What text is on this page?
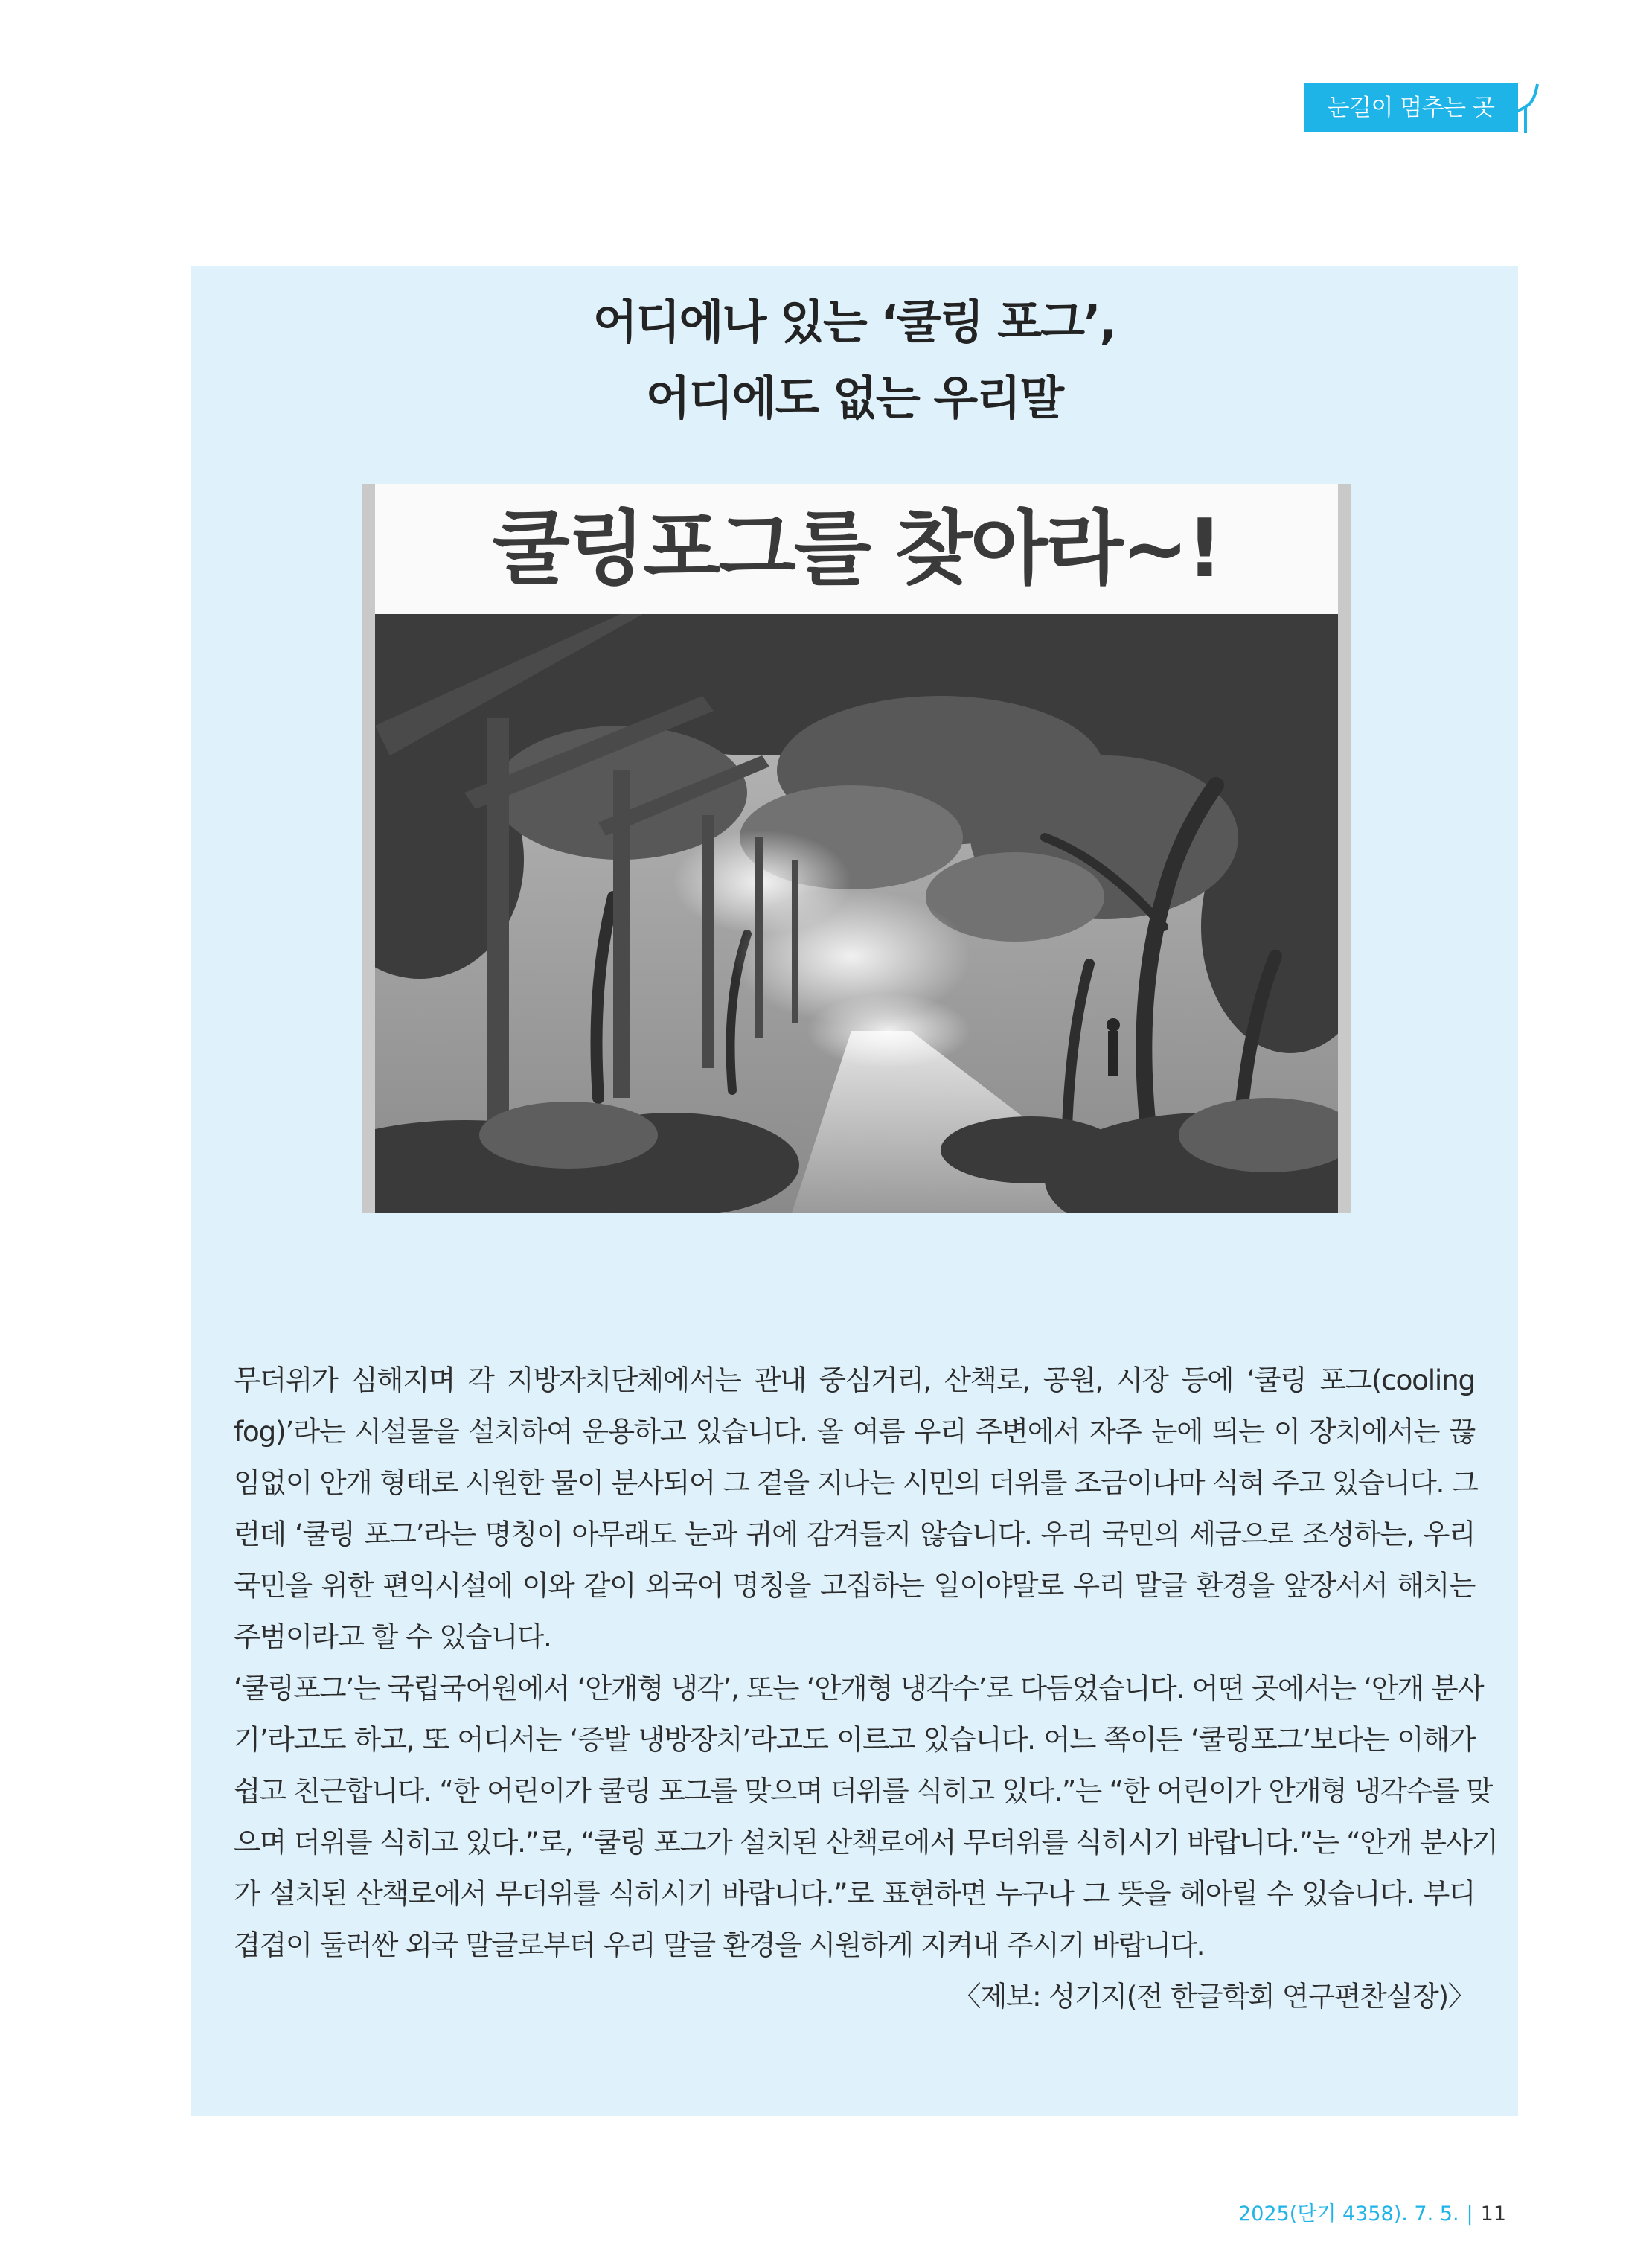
눈길이 멈추는 곳
어디에나 있는 ‘쿨링 포그’,
어디에도 없는 우리말
쿨링포그를 찾아라~!

무더위가 심해지며 각 지방자치단체에서는 관내 중심거리, 산책로, 공원, 시장 등에 ‘쿨링 포그(cooling
fog)’라는 시설물을 설치하여 운용하고 있습니다. 올 여름 우리 주변에서 자주 눈에 띄는 이 장치에서는 끊
임없이 안개 형태로 시원한 물이 분사되어 그 곁을 지나는 시민의 더위를 조금이나마 식혀 주고 있습니다. 그
런데 ‘쿨링 포그’라는 명칭이 아무래도 눈과 귀에 감겨들지 않습니다. 우리 국민의 세금으로 조성하는, 우리
국민을 위한 편익시설에 이와 같이 외국어 명칭을 고집하는 일이야말로 우리 말글 환경을 앞장서서 해치는
주범이라고 할 수 있습니다.

‘쿨링포그’는 국립국어원에서 ‘안개형 냉각’, 또는 ‘안개형 냉각수’로 다듬었습니다. 어떤 곳에서는 ‘안개 분사
기’라고도 하고, 또 어디서는 ‘증발 냉방장치’라고도 이르고 있습니다. 어느 쪽이든 ‘쿨링포그’보다는 이해가
쉽고 친근합니다. “한 어린이가 쿨링 포그를 맞으며 더위를 식히고 있다.”는 “한 어린이가 안개형 냉각수를 맞
으며 더위를 식히고 있다.”로, “쿨링 포그가 설치된 산책로에서 무더위를 식히시기 바랍니다.”는 “안개 분사기
가 설치된 산책로에서 무더위를 식히시기 바랍니다.”로 표현하면 누구나 그 뜻을 헤아릴 수 있습니다. 부디
겹겹이 둘러싼 외국 말글로부터 우리 말글 환경을 시원하게 지켜내 주시기 바랍니다.

〈제보: 성기지(전 한글학회 연구편찬실장)〉
2025(단기 4358). 7. 5. | 11
